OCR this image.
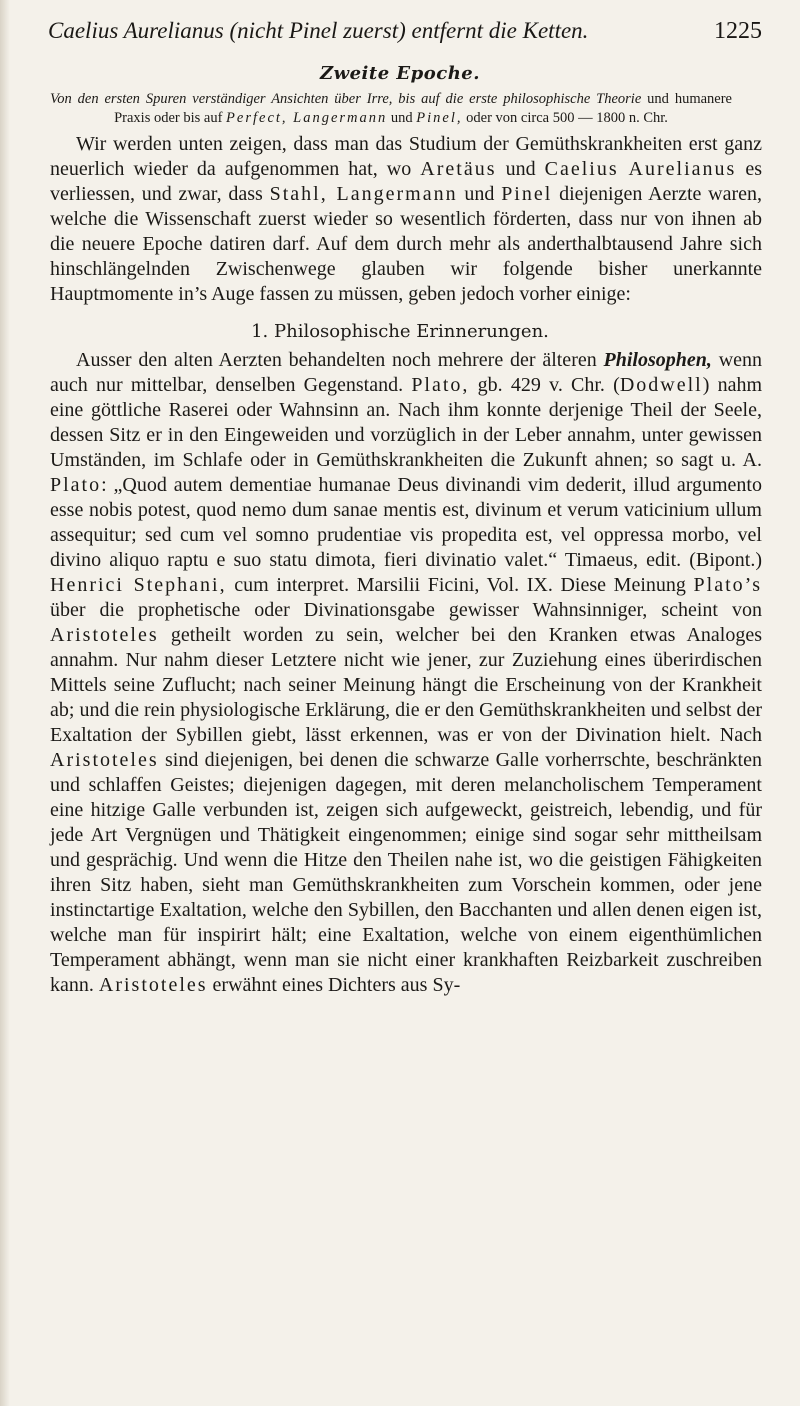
Caelius Aurelianus (nicht Pinel zuerst) entfernt die Ketten.	1225
Zweite Epoche.
Von den ersten Spuren verständiger Ansichten über Irre, bis auf die erste philosophische Theorie und humanere Praxis oder bis auf Perfect, Langermann und Pinel, oder von circa 500 — 1800 n. Chr.

Wir werden unten zeigen, dass man das Studium der Gemüthskrankheiten erst ganz neuerlich wieder da aufgenommen hat, wo Aretäus und Caelius Aurelianus es verliessen, und zwar, dass Stahl, Langermann und Pinel diejenigen Aerzte waren, welche die Wissenschaft zuerst wieder so wesentlich förderten, dass nur von ihnen ab die neuere Epoche datiren darf. Auf dem durch mehr als anderthalbtausend Jahre sich hinschlängelnden Zwischenwege glauben wir folgende bisher unerkannte Hauptmomente in’s Auge fassen zu müssen, geben jedoch vorher einige:

1. Philosophische Erinnerungen.

Ausser den alten Aerzten behandelten noch mehrere der älteren Philosophen, wenn auch nur mittelbar, denselben Gegenstand. Plato, gb. 429 v. Chr. (Dodwell) nahm eine göttliche Raserei oder Wahnsinn an. Nach ihm konnte derjenige Theil der Seele, dessen Sitz er in den Eingeweiden und vorzüglich in der Leber annahm, unter gewissen Umständen, im Schlafe oder in Gemüthskrankheiten die Zukunft ahnen; so sagt u. A. Plato: „Quod autem dementiae humanae Deus divinandi vim dederit, illud argumento esse nobis potest, quod nemo dum sanae mentis est, divinum et verum vaticinium ullum assequitur; sed cum vel somno prudentiae vis propedita est, vel oppressa morbo, vel divino aliquo raptu e suo statu dimota, fieri divinatio valet.“ Timaeus, edit. (Bipont.) Henrici Stephani, cum interpret. Marsilii Ficini, Vol. IX. Diese Meinung Plato’s über die prophetische oder Divinationsgabe gewisser Wahnsinniger, scheint von Aristoteles getheilt worden zu sein, welcher bei den Kranken etwas Analoges annahm. Nur nahm dieser Letztere nicht wie jener, zur Zuziehung eines überirdischen Mittels seine Zuflucht; nach seiner Meinung hängt die Erscheinung von der Krankheit ab; und die rein physiologische Erklärung, die er den Gemüthskrankheiten und selbst der Exaltation der Sybillen giebt, lässt erkennen, was er von der Divination hielt. Nach Aristoteles sind diejenigen, bei denen die schwarze Galle vorherrschte, beschränkten und schlaffen Geistes; diejenigen dagegen, mit deren melancholischem Temperament eine hitzige Galle verbunden ist, zeigen sich aufgeweckt, geistreich, lebendig, und für jede Art Vergnügen und Thätigkeit eingenommen; einige sind sogar sehr mittheilsam und gesprächig. Und wenn die Hitze den Theilen nahe ist, wo die geistigen Fähigkeiten ihren Sitz haben, sieht man Gemüthskrankheiten zum Vorschein kommen, oder jene instinctartige Exaltation, welche den Sybillen, den Bacchanten und allen denen eigen ist, welche man für inspirirt hält; eine Exaltation, welche von einem eigenthümlichen Temperament abhängt, wenn man sie nicht einer krankhaften Reizbarkeit zuschreiben kann. Aristoteles erwähnt eines Dichters aus Sy-
